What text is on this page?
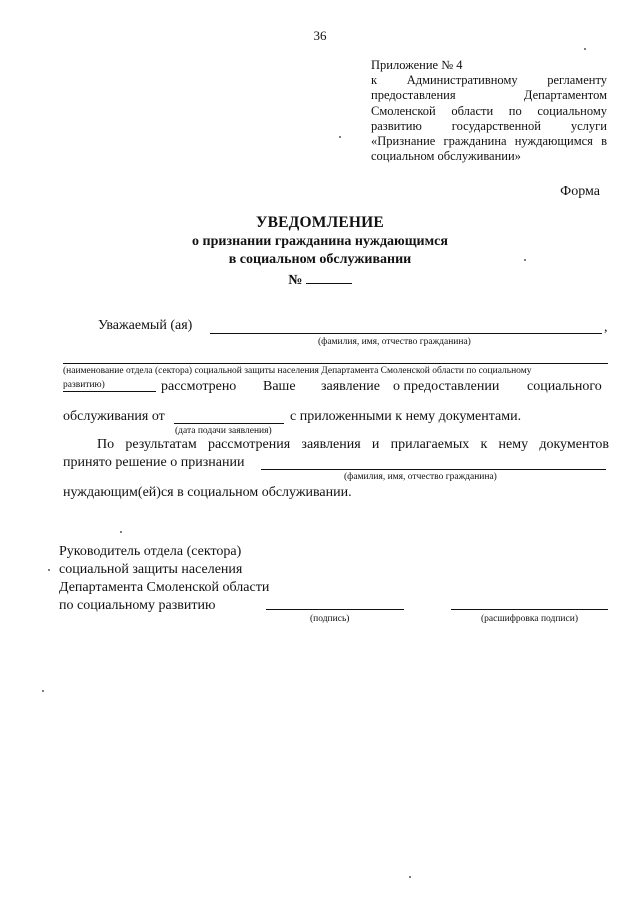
36
Приложение № 4
к Административному регламенту
предоставления Департаментом
Смоленской области по социальному
развитию государственной услуги
«Признание гражданина нуждающимся в
социальном обслуживании»
Форма
УВЕДОМЛЕНИЕ
о признании гражданина нуждающимся
в социальном обслуживании
№
Уважаемый (ая)	,
(фамилия, имя, отчество гражданина)
(наименование отдела (сектора) социальной защиты населения Департамента Смоленской области по социальному
развитию)	рассмотрено Ваше заявление о предоставлении социального
обслуживания от	с приложенными к нему документами.
(дата подачи заявления)
По результатам рассмотрения заявления и прилагаемых к нему документов
принято решение о признании
(фамилия, имя, отчество гражданина)
нуждающим(ей)ся в социальном обслуживании.
Руководитель отдела (сектора)
социальной защиты населения
Департамента Смоленской области
по социальному развитию
(подпись)	(расшифровка подписи)
